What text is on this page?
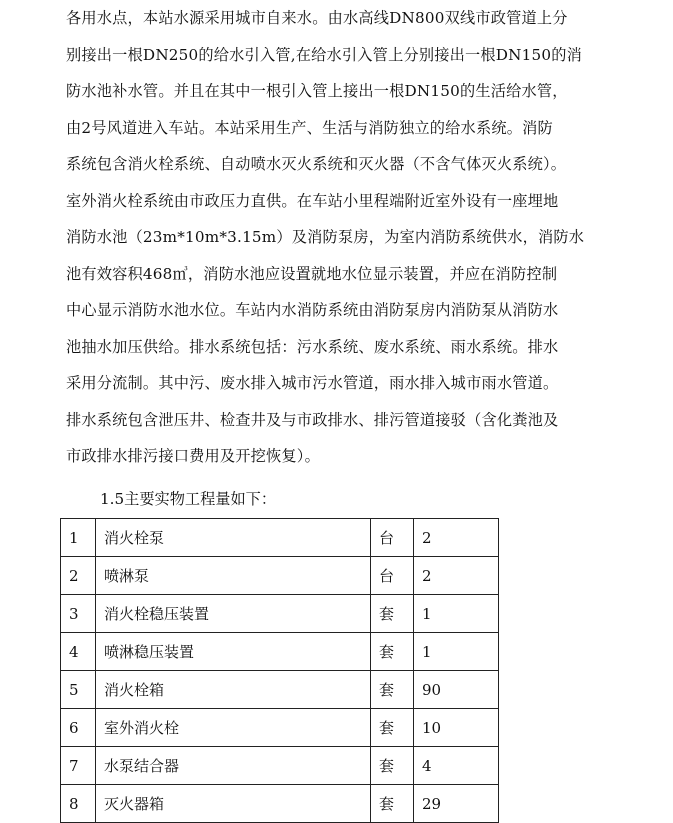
各用水点，本站水源采用城市自来水。由水高线DN800双线市政管道上分
别接出一根DN250的给水引入管,在给水引入管上分别接出一根DN150的消
防水池补水管。并且在其中一根引入管上接出一根DN150的生活给水管，
由2号风道进入车站。本站采用生产、生活与消防独立的给水系统。消防
系统包含消火栓系统、自动喷水灭火系统和灭火器（不含气体灭火系统）。
室外消火栓系统由市政压力直供。在车站小里程端附近室外设有一座埋地
消防水池（23m*10m*3.15m）及消防泵房，为室内消防系统供水，消防水
池有效容积468㎥，消防水池应设置就地水位显示装置，并应在消防控制
中心显示消防水池水位。车站内水消防系统由消防泵房内消防泵从消防水
池抽水加压供给。排水系统包括：污水系统、废水系统、雨水系统。排水
采用分流制。其中污、废水排入城市污水管道，雨水排入城市雨水管道。
排水系统包含泄压井、检查井及与市政排水、排污管道接驳（含化粪池及
市政排水排污接口费用及开挖恢复）。
1.5主要实物工程量如下：
1	消火栓泵	台	2
2	喷淋泵	台	2
3	消火栓稳压装置	套	1
4	喷淋稳压装置	套	1
5	消火栓箱	套	90
6	室外消火栓	套	10
7	水泵结合器	套	4
8	灭火器箱	套	29
